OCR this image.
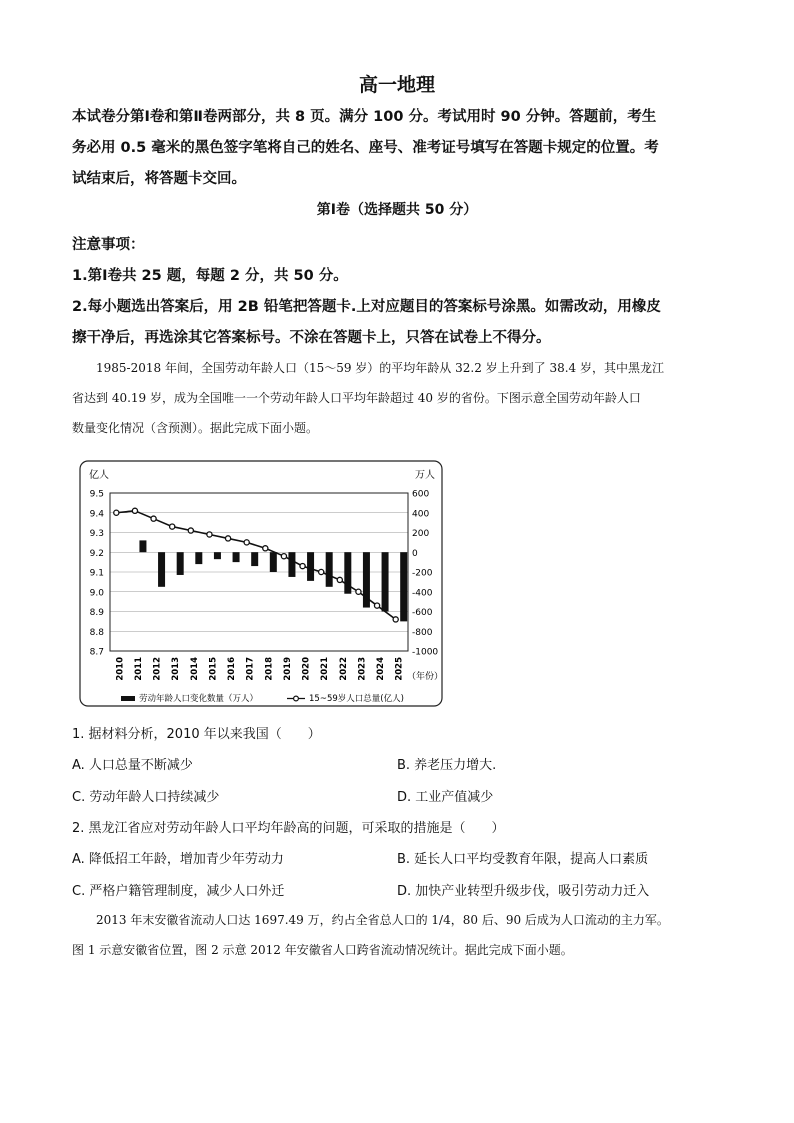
高一地理

本试卷分第Ⅰ卷和第Ⅱ卷两部分，共 8 页。满分 100 分。考试用时 90 分钟。答题前，考生

务必用 0.5 毫米的黑色签字笔将自己的姓名、座号、准考证号填写在答题卡规定的位置。考

试结束后，将答题卡交回。

第Ⅰ卷（选择题共 50 分）

注意事项：

1.第Ⅰ卷共 25 题，每题 2 分，共 50 分。

2.每小题选出答案后，用 2B 铅笔把答题卡.上对应题目的答案标号涂黑。如需改动，用橡皮

擦干净后，再选涂其它答案标号。不涂在答题卡上，只答在试卷上不得分。

1985-2018 年间，全国劳动年龄人口（15～59 岁）的平均年龄从 32.2 岁上升到了 38.4 岁，其中黑龙江

省达到 40.19 岁，成为全国唯一一个劳动年龄人口平均年龄超过 40 岁的省份。下图示意全国劳动年龄人口

数量变化情况（含预测）。据此完成下面小题。

9.5
9.4
9.3
9.2
9.1
9.0
8.9
8.8
8.7
600
400
200
0
-200
-400
-600
-800
-1000
亿人	万人
2010 2011 2012 2013 2014 2015 2016 2017 2018 2019 2020 2021 2022 2023 2024 2025 （年份）
劳动年龄人口变化数量（万人）	15~59岁人口总量(亿人)
1. 据材料分析，2010 年以来我国（　　）
A. 人口总量不断减少	B. 养老压力增大.
C. 劳动年龄人口持续减少	D. 工业产值减少
2. 黑龙江省应对劳动年龄人口平均年龄高的问题，可采取的措施是（　　）
A. 降低招工年龄，增加青少年劳动力	B. 延长人口平均受教育年限，提高人口素质
C. 严格户籍管理制度，减少人口外迁	D. 加快产业转型升级步伐，吸引劳动力迁入

2013 年末安徽省流动人口达 1697.49 万，约占全省总人口的 1/4，80 后、90 后成为人口流动的主力军。

图 1 示意安徽省位置，图 2 示意 2012 年安徽省人口跨省流动情况统计。据此完成下面小题。
